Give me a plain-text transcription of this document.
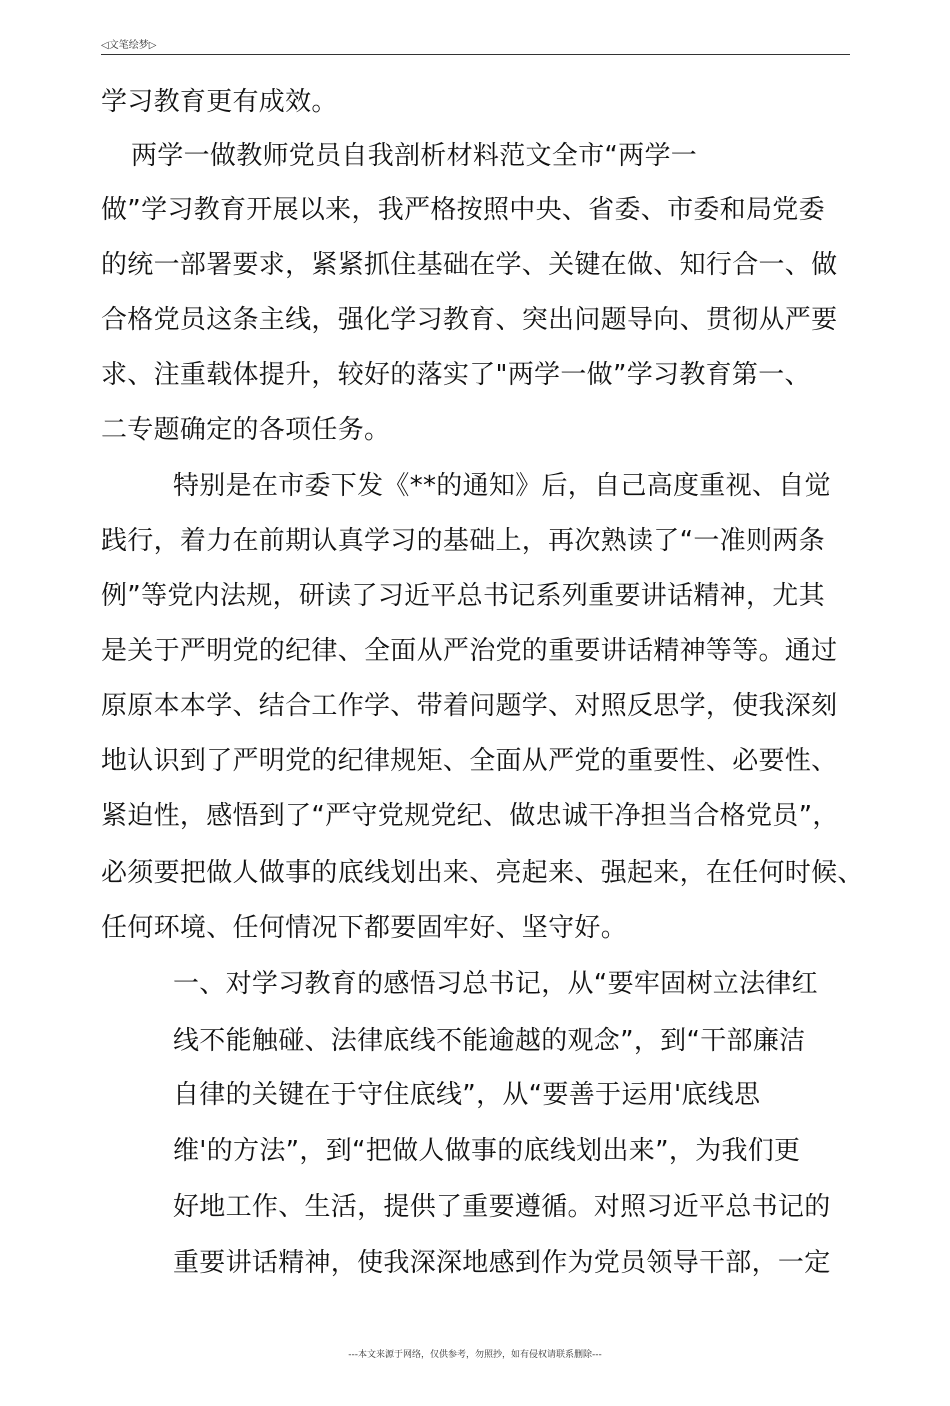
◁文笔绘梦▷
学习教育更有成效。
两学一做教师党员自我剖析材料范文全市“两学一
做”学习教育开展以来，我严格按照中央、省委、市委和局党委
的统一部署要求，紧紧抓住基础在学、关键在做、知行合一、做
合格党员这条主线，强化学习教育、突出问题导向、贯彻从严要
求、注重载体提升，较好的落实了"两学一做”学习教育第一、
二专题确定的各项任务。
特别是在市委下发《**的通知》后，自己高度重视、自觉
践行，着力在前期认真学习的基础上，再次熟读了“一准则两条
例”等党内法规，研读了习近平总书记系列重要讲话精神，尤其
是关于严明党的纪律、全面从严治党的重要讲话精神等等。通过
原原本本学、结合工作学、带着问题学、对照反思学，使我深刻
地认识到了严明党的纪律规矩、全面从严党的重要性、必要性、
紧迫性，感悟到了“严守党规党纪、做忠诚干净担当合格党员”，
必须要把做人做事的底线划出来、亮起来、强起来，在任何时候、
任何环境、任何情况下都要固牢好、坚守好。
一、对学习教育的感悟习总书记，从“要牢固树立法律红
线不能触碰、法律底线不能逾越的观念”，到“干部廉洁
自律的关键在于守住底线”，从“要善于运用'底线思
维'的方法”，到“把做人做事的底线划出来”，为我们更
好地工作、生活，提供了重要遵循。对照习近平总书记的
重要讲话精神，使我深深地感到作为党员领导干部，一定
---本文来源于网络，仅供参考，勿照抄，如有侵权请联系删除---
